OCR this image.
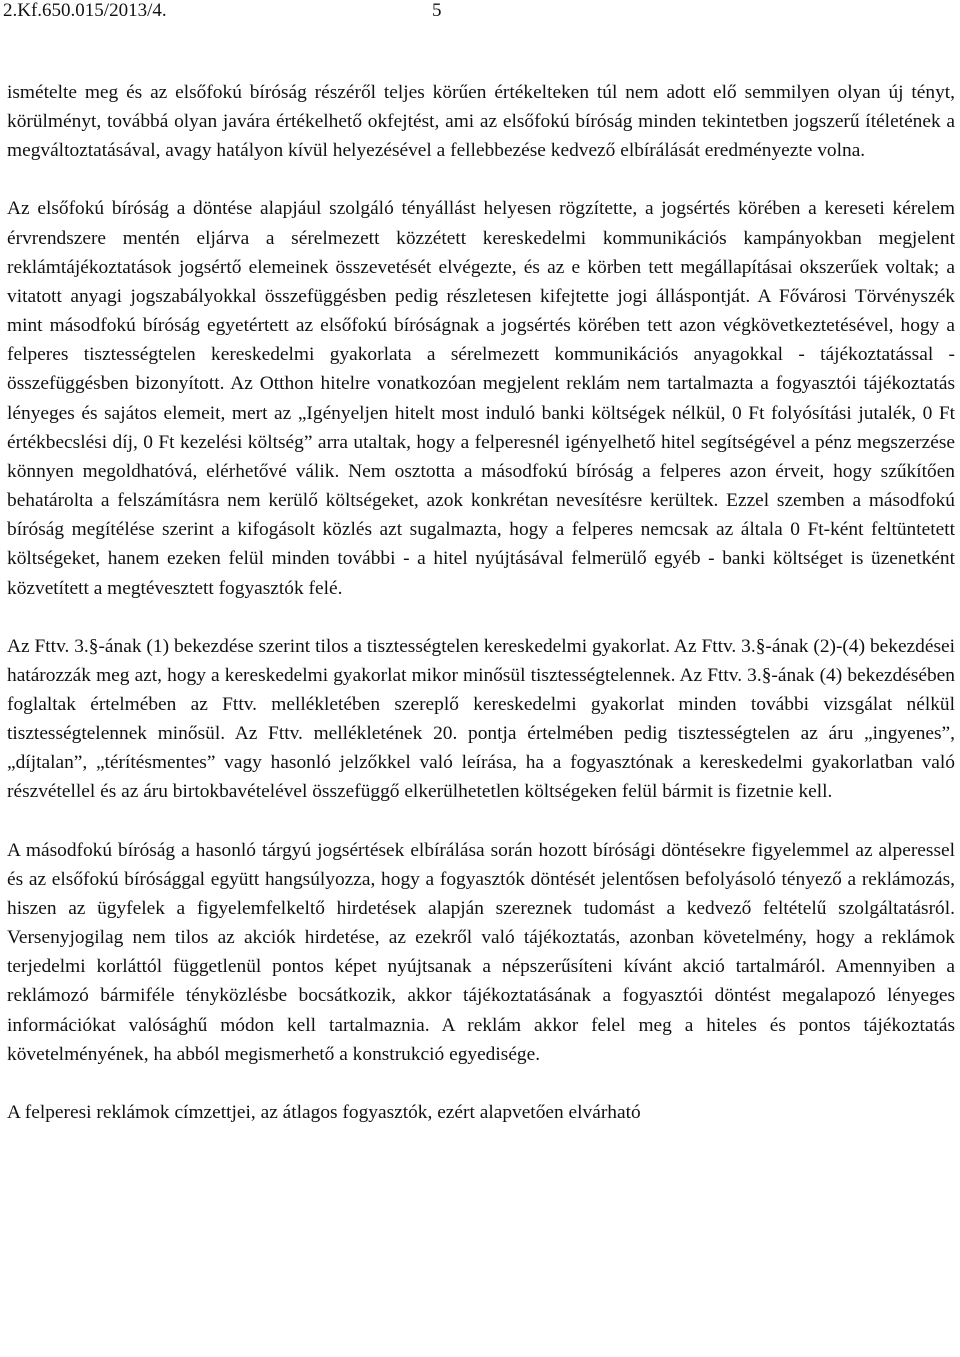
2.Kf.650.015/2013/4.	5

ismételte meg és az elsőfokú bíróság részéről teljes körűen értékelteken túl nem adott elő semmilyen olyan új tényt, körülményt, továbbá olyan javára értékelhető okfejtést, ami az elsőfokú bíróság minden tekintetben jogszerű ítéletének a megváltoztatásával, avagy hatályon kívül helyezésével a fellebbezése kedvező elbírálását eredményezte volna.

Az elsőfokú bíróság a döntése alapjául szolgáló tényállást helyesen rögzítette, a jogsértés körében a kereseti kérelem érvrendszere mentén eljárva a sérelmezett közzétett kereskedelmi kommunikációs kampányokban megjelent reklámtájékoztatások jogsértő elemeinek összevetését elvégezte, és az e körben tett megállapításai okszerűek voltak; a vitatott anyagi jogszabályokkal összefüggésben pedig részletesen kifejtette jogi álláspontját. A Fővárosi Törvényszék mint másodfokú bíróság egyetértett az elsőfokú bíróságnak a jogsértés körében tett azon végkövetkeztetésével, hogy a felperes tisztességtelen kereskedelmi gyakorlata a sérelmezett kommunikációs anyagokkal - tájékoztatással - összefüggésben bizonyított. Az Otthon hitelre vonatkozóan megjelent reklám nem tartalmazta a fogyasztói tájékoztatás lényeges és sajátos elemeit, mert az „Igényeljen hitelt most induló banki költségek nélkül, 0 Ft folyósítási jutalék, 0 Ft értékbecslési díj, 0 Ft kezelési költség” arra utaltak, hogy a felperesnél igényelhető hitel segítségével a pénz megszerzése könnyen megoldhatóvá, elérhetővé válik. Nem osztotta a másodfokú bíróság a felperes azon érveit, hogy szűkítően behatárolta a felszámításra nem kerülő költségeket, azok konkrétan nevesítésre kerültek. Ezzel szemben a másodfokú bíróság megítélése szerint a kifogásolt közlés azt sugalmazta, hogy a felperes nemcsak az általa 0 Ft-ként feltüntetett költségeket, hanem ezeken felül minden további - a hitel nyújtásával felmerülő egyéb - banki költséget is üzenetként közvetített a megtévesztett fogyasztók felé.

Az Fttv. 3.§-ának (1) bekezdése szerint tilos a tisztességtelen kereskedelmi gyakorlat. Az Fttv. 3.§-ának (2)-(4) bekezdései határozzák meg azt, hogy a kereskedelmi gyakorlat mikor minősül tisztességtelennek. Az Fttv. 3.§-ának (4) bekezdésében foglaltak értelmében az Fttv. mellékletében szereplő kereskedelmi gyakorlat minden további vizsgálat nélkül tisztességtelennek minősül. Az Fttv. mellékletének 20. pontja értelmében pedig tisztességtelen az áru „ingyenes”, „díjtalan”, „térítésmentes” vagy hasonló jelzőkkel való leírása, ha a fogyasztónak a kereskedelmi gyakorlatban való részvétellel és az áru birtokbavételével összefüggő elkerülhetetlen költségeken felül bármit is fizetnie kell.

A másodfokú bíróság a hasonló tárgyú jogsértések elbírálása során hozott bírósági döntésekre figyelemmel az alperessel és az elsőfokú bírósággal együtt hangsúlyozza, hogy a fogyasztók döntését jelentősen befolyásoló tényező a reklámozás, hiszen az ügyfelek a figyelemfelkeltő hirdetések alapján szereznek tudomást a kedvező feltételű szolgáltatásról. Versenyjogilag nem tilos az akciók hirdetése, az ezekről való tájékoztatás, azonban követelmény, hogy a reklámok terjedelmi korláttól függetlenül pontos képet nyújtsanak a népszerűsíteni kívánt akció tartalmáról. Amennyiben a reklámozó bármiféle tényközlésbe bocsátkozik, akkor tájékoztatásának a fogyasztói döntést megalapozó lényeges információkat valósághű módon kell tartalmaznia. A reklám akkor felel meg a hiteles és pontos tájékoztatás követelményének, ha abból megismerhető a konstrukció egyedisége.

A felperesi reklámok címzettjei, az átlagos fogyasztók, ezért alapvetően elvárható
